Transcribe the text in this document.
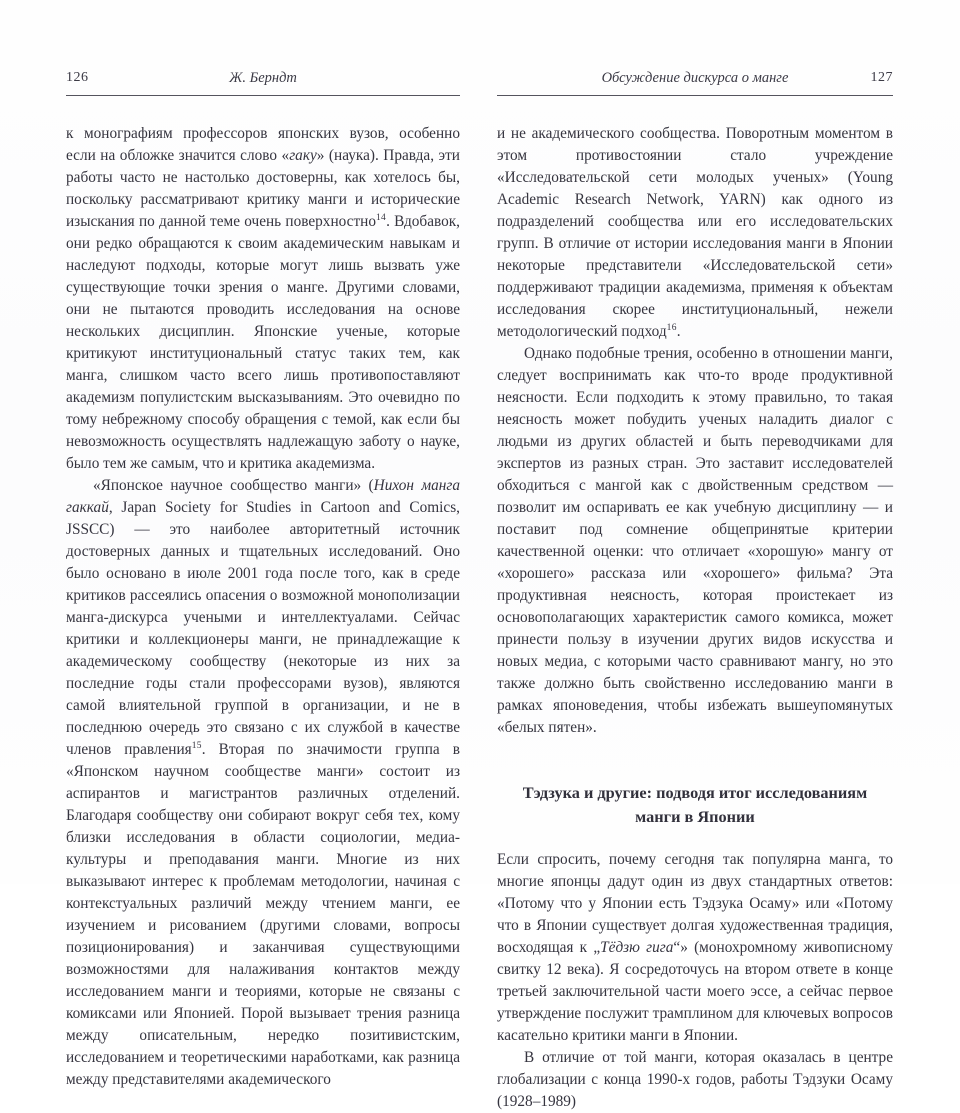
126	Ж. Берндт

к монографиям профессоров японских вузов, особенно если на обложке значится слово «гаку» (наука). Правда, эти работы часто не настолько достоверны, как хотелось бы, поскольку рассматривают критику манги и исторические изыскания по данной теме очень поверхностно$^{14}$. Вдобавок, они редко обращаются к своим академическим навыкам и наследуют подходы, которые могут лишь вызвать уже существующие точки зрения о манге. Другими словами, они не пытаются проводить исследования на основе нескольких дисциплин. Японские ученые, которые критикуют институциональный статус таких тем, как манга, слишком часто всего лишь противопоставляют академизм популистским высказываниям. Это очевидно по тому небрежному способу обращения с темой, как если бы невозможность осуществлять надлежащую заботу о науке, было тем же самым, что и критика академизма.

«Японское научное сообщество манги» (Нихон манга гаккай, Japan Society for Studies in Cartoon and Comics, JSSCC) — это наиболее авторитетный источник достоверных данных и тщательных исследований. Оно было основано в июле 2001 года после того, как в среде критиков рассеялись опасения о возможной монополизации манга-дискурса учеными и интеллектуалами. Сейчас критики и коллекционеры манги, не принадлежащие к академическому сообществу (некоторые из них за последние годы стали профессорами вузов), являются самой влиятельной группой в организации, и не в последнюю очередь это связано с их службой в качестве членов правления$^{15}$. Вторая по значимости группа в «Японском научном сообществе манги» состоит из аспирантов и магистрантов различных отделений. Благодаря сообществу они собирают вокруг себя тех, кому близки исследования в области социологии, медиа-культуры и преподавания манги. Многие из них выказывают интерес к проблемам методологии, начиная с контекстуальных различий между чтением манги, ее изучением и рисованием (другими словами, вопросы позиционирования) и заканчивая существующими возможностями для налаживания контактов между исследованием манги и теориями, которые не связаны с комиксами или Японией. Порой вызывает трения разница между описательным, нередко позитивистским, исследованием и теоретическими наработками, как разница между представителями академического

Обсуждение дискурса о манге	127

и не академического сообщества. Поворотным моментом в этом противостоянии стало учреждение «Исследовательской сети молодых ученых» (Young Academic Research Network, YARN) как одного из подразделений сообщества или его исследовательских групп. В отличие от истории исследования манги в Японии некоторые представители «Исследовательской сети» поддерживают традиции академизма, применяя к объектам исследования скорее институциональный, нежели методологический подход$^{16}$.

Однако подобные трения, особенно в отношении манги, следует воспринимать как что-то вроде продуктивной неясности. Если подходить к этому правильно, то такая неясность может побудить ученых наладить диалог с людьми из других областей и быть переводчиками для экспертов из разных стран. Это заставит исследователей обходиться с мангой как с двойственным средством — позволит им оспаривать ее как учебную дисциплину — и поставит под сомнение общепринятые критерии качественной оценки: что отличает «хорошую» мангу от «хорошего» рассказа или «хорошего» фильма? Эта продуктивная неясность, которая проистекает из основополагающих характеристик самого комикса, может принести пользу в изучении других видов искусства и новых медиа, с которыми часто сравнивают мангу, но это также должно быть свойственно исследованию манги в рамках японоведения, чтобы избежать вышеупомянутых «белых пятен».

Тэдзука и другие: подводя итог исследованиям манги в Японии

Если спросить, почему сегодня так популярна манга, то многие японцы дадут один из двух стандартных ответов: «Потому что у Японии есть Тэдзука Осаму» или «Потому что в Японии существует долгая художественная традиция, восходящая к „Тёдзю гига“» (монохромному живописному свитку 12 века). Я сосредоточусь на втором ответе в конце третьей заключительной части моего эссе, а сейчас первое утверждение послужит трамплином для ключевых вопросов касательно критики манги в Японии.

В отличие от той манги, которая оказалась в центре глобализации с конца 1990-х годов, работы Тэдзуки Осаму (1928–1989)
